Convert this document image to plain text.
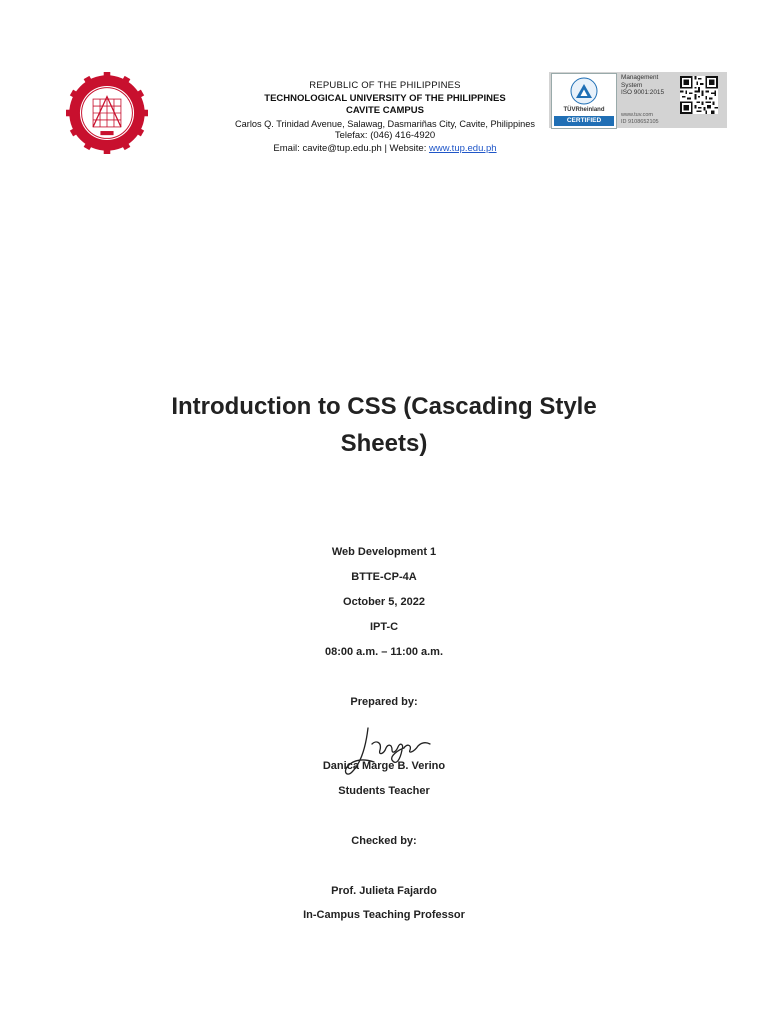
REPUBLIC OF THE PHILIPPINES
TECHNOLOGICAL UNIVERSITY OF THE PHILIPPINES
CAVITE CAMPUS
Carlos Q. Trinidad Avenue, Salawag, Dasmariñas City, Cavite, Philippines
Telefax: (046) 416-4920
Email: cavite@tup.edu.ph | Website: www.tup.edu.ph
TÜVRheinland
CERTIFIED
Management
System
ISO 9001:2015
www.tuv.com
ID 9108652105
Introduction to CSS (Cascading Style
Sheets)
Web Development 1
BTTE-CP-4A
October 5, 2022
IPT-C
08:00 a.m. – 11:00 a.m.
Prepared by:
Danica Marge B. Verino
Students Teacher
Checked by:
Prof. Julieta Fajardo
In-Campus Teaching Professor
